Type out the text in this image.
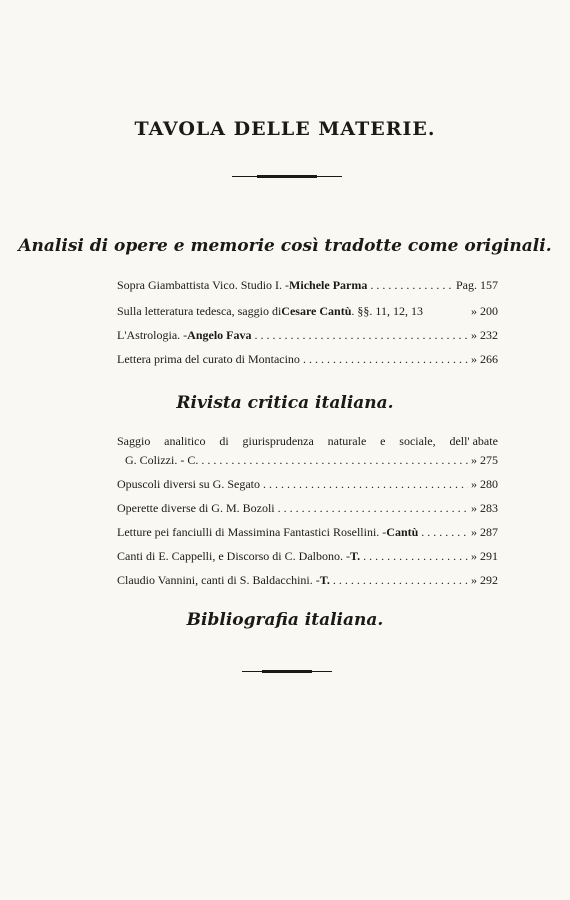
TAVOLA DELLE MATERIE.
Analisi di opere e memorie così tradotte come originali.
Sopra Giambattista Vico. Studio I. - Michele Parma . . .	Pag. 157
Sulla letteratura tedesca, saggio di Cesare Cantù . §§. 11, 12, 13	» 200
L'Astrologia. - Angelo Fava . . .	» 232
Lettera prima del curato di Montacino . . .	» 266
Rivista critica italiana.
Saggio analitico di giurisprudenza naturale e sociale, dell' abate
G. Colizzi. - C. . . .	» 275
Opuscoli diversi su G. Segato . . .	» 280
Operette diverse di G. M. Bozoli . . .	» 283
Letture pei fanciulli di Massimina Fantastici Rosellini. - Cantù . . .	» 287
Canti di E. Cappelli, e Discorso di C. Dalbono. - T. . . .	» 291
Claudio Vannini, canti di S. Baldacchini. - T. . . .	» 292
Bibliografia italiana.
